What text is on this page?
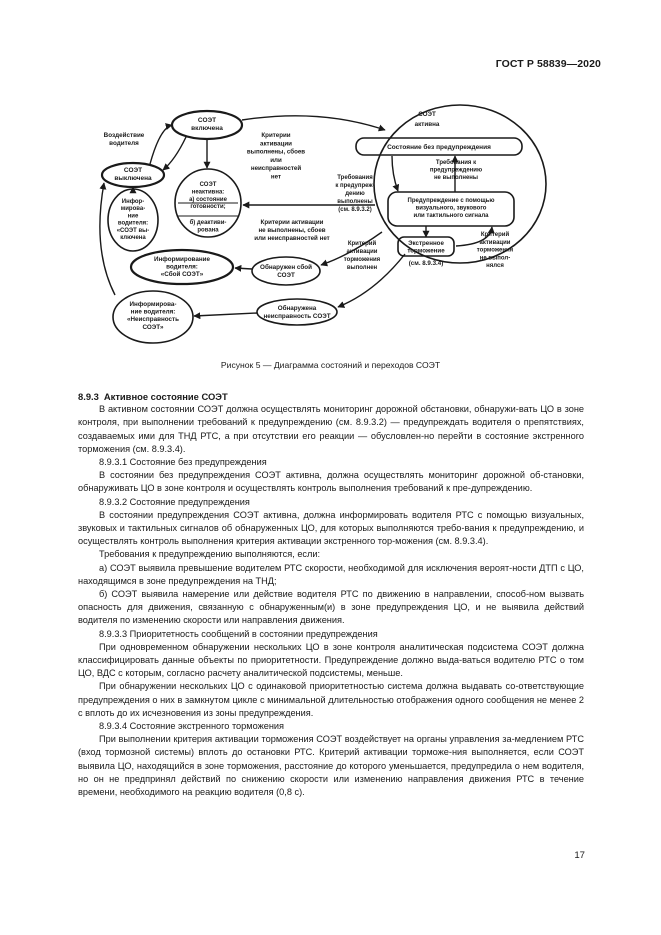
ГОСТ Р 58839—2020
СОЭТ включена
СОЭТ выключена
Инфор-мирова-ние водителя: «СОЭТ вы-ключена
СОЭТ неактивна:
а) состояние готовности;
б) деактиви-рована
Информирование водителя: «Сбой СОЭТ»
Обнаружен сбой СОЭТ
Информирова-ние водителя: «Неисправность СОЭТ»
Обнаружена неисправность СОЭТ
СОЭТ активна
Состояние без предупреждения
Предупреждение с помощью визуального, звукового или тактильного сигнала
Экстренное торможение
(см. 8.9.3.4)
Воздействие водителя
Критерии активации выполнены, сбоев или неисправностей нет
Критерии активации не выполнены, сбоев или неисправностей нет
Требования к предупреждению не выполнены
Требования к предупреж-дению выполнены (см. 8.9.3.2)
Критерий активации торможения выполнен
Критерий активации торможения не выпол-нялся
Рисунок 5 — Диаграмма состояний и переходов СОЭТ
8.9.3 Активное состояние СОЭТ

В активном состоянии СОЭТ должна осуществлять мониторинг дорожной обстановки, обнаружи-вать ЦО в зоне контроля, при выполнении требований к предупреждению (см. 8.9.3.2) — предупреждать водителя о препятствиях, создаваемых ими для ТНД РТС, а при отсутствии его реакции — обусловлен-но перейти в состояние экстренного торможения (см. 8.9.3.4).

8.9.3.1 Состояние без предупреждения

В состоянии без предупреждения СОЭТ активна, должна осуществлять мониторинг дорожной об-становки, обнаруживать ЦО в зоне контроля и осуществлять контроль выполнения требований к пре-дупреждению.

8.9.3.2 Состояние предупреждения

В состоянии предупреждения СОЭТ активна, должна информировать водителя РТС с помощью визуальных, звуковых и тактильных сигналов об обнаруженных ЦО, для которых выполняются требо-вания к предупреждению, и осуществлять контроль выполнения критерия активации экстренного тор-можения (см. 8.9.3.4).

Требования к предупреждению выполняются, если:

а) СОЭТ выявила превышение водителем РТС скорости, необходимой для исключения вероят-ности ДТП с ЦО, находящимся в зоне предупреждения на ТНД;

б) СОЭТ выявила намерение или действие водителя РТС по движению в направлении, способ-ном вызвать опасность для движения, связанную с обнаруженным(и) в зоне предупреждения ЦО, и не выявила действий водителя по изменению скорости или направления движения.

8.9.3.3 Приоритетность сообщений в состоянии предупреждения

При одновременном обнаружении нескольких ЦО в зоне контроля аналитическая подсистема СОЭТ должна классифицировать данные объекты по приоритетности. Предупреждение должно выда-ваться водителю РТС о том ЦО, ВДС с которым, согласно расчету аналитической подсистемы, меньше.

При обнаружении нескольких ЦО с одинаковой приоритетностью система должна выдавать со-ответствующие предупреждения о них в замкнутом цикле с минимальной длительностью отображения одного сообщения не менее 2 с вплоть до их исчезновения из зоны предупреждения.

8.9.3.4 Состояние экстренного торможения

При выполнении критерия активации торможения СОЭТ воздействует на органы управления за-медлением РТС (вход тормозной системы) вплоть до остановки РТС. Критерий активации торможе-ния выполняется, если СОЭТ выявила ЦО, находящийся в зоне торможения, расстояние до которого уменьшается, предупредила о нем водителя, но он не предпринял действий по снижению скорости или изменению направления движения РТС в течение времени, необходимого на реакцию водителя (0,8 с).

17
